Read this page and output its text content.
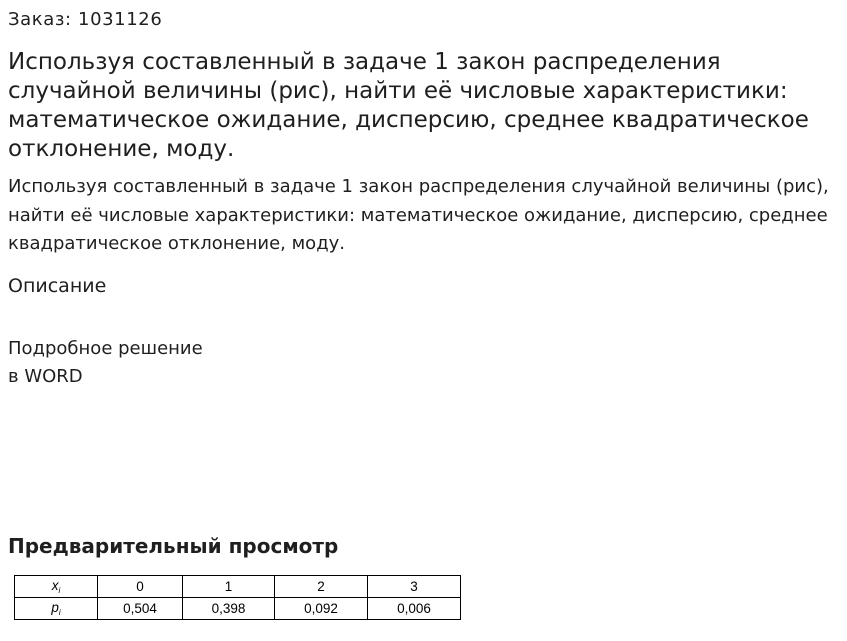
Заказ: 1031126
Используя составленный в задаче 1 закон распределения случайной величины (рис), найти её числовые характеристики: математическое ожидание, дисперсию, среднее квадратическое отклонение, моду.

Используя составленный в задаче 1 закон распределения случайной величины (рис), найти её числовые характеристики: математическое ожидание, дисперсию, среднее квадратическое отклонение, моду.

Описание
Подробное решение
в WORD
Предварительный просмотр
$x_i$	0	1	2	3
$p_i$	0,504	0,398	0,092	0,006
